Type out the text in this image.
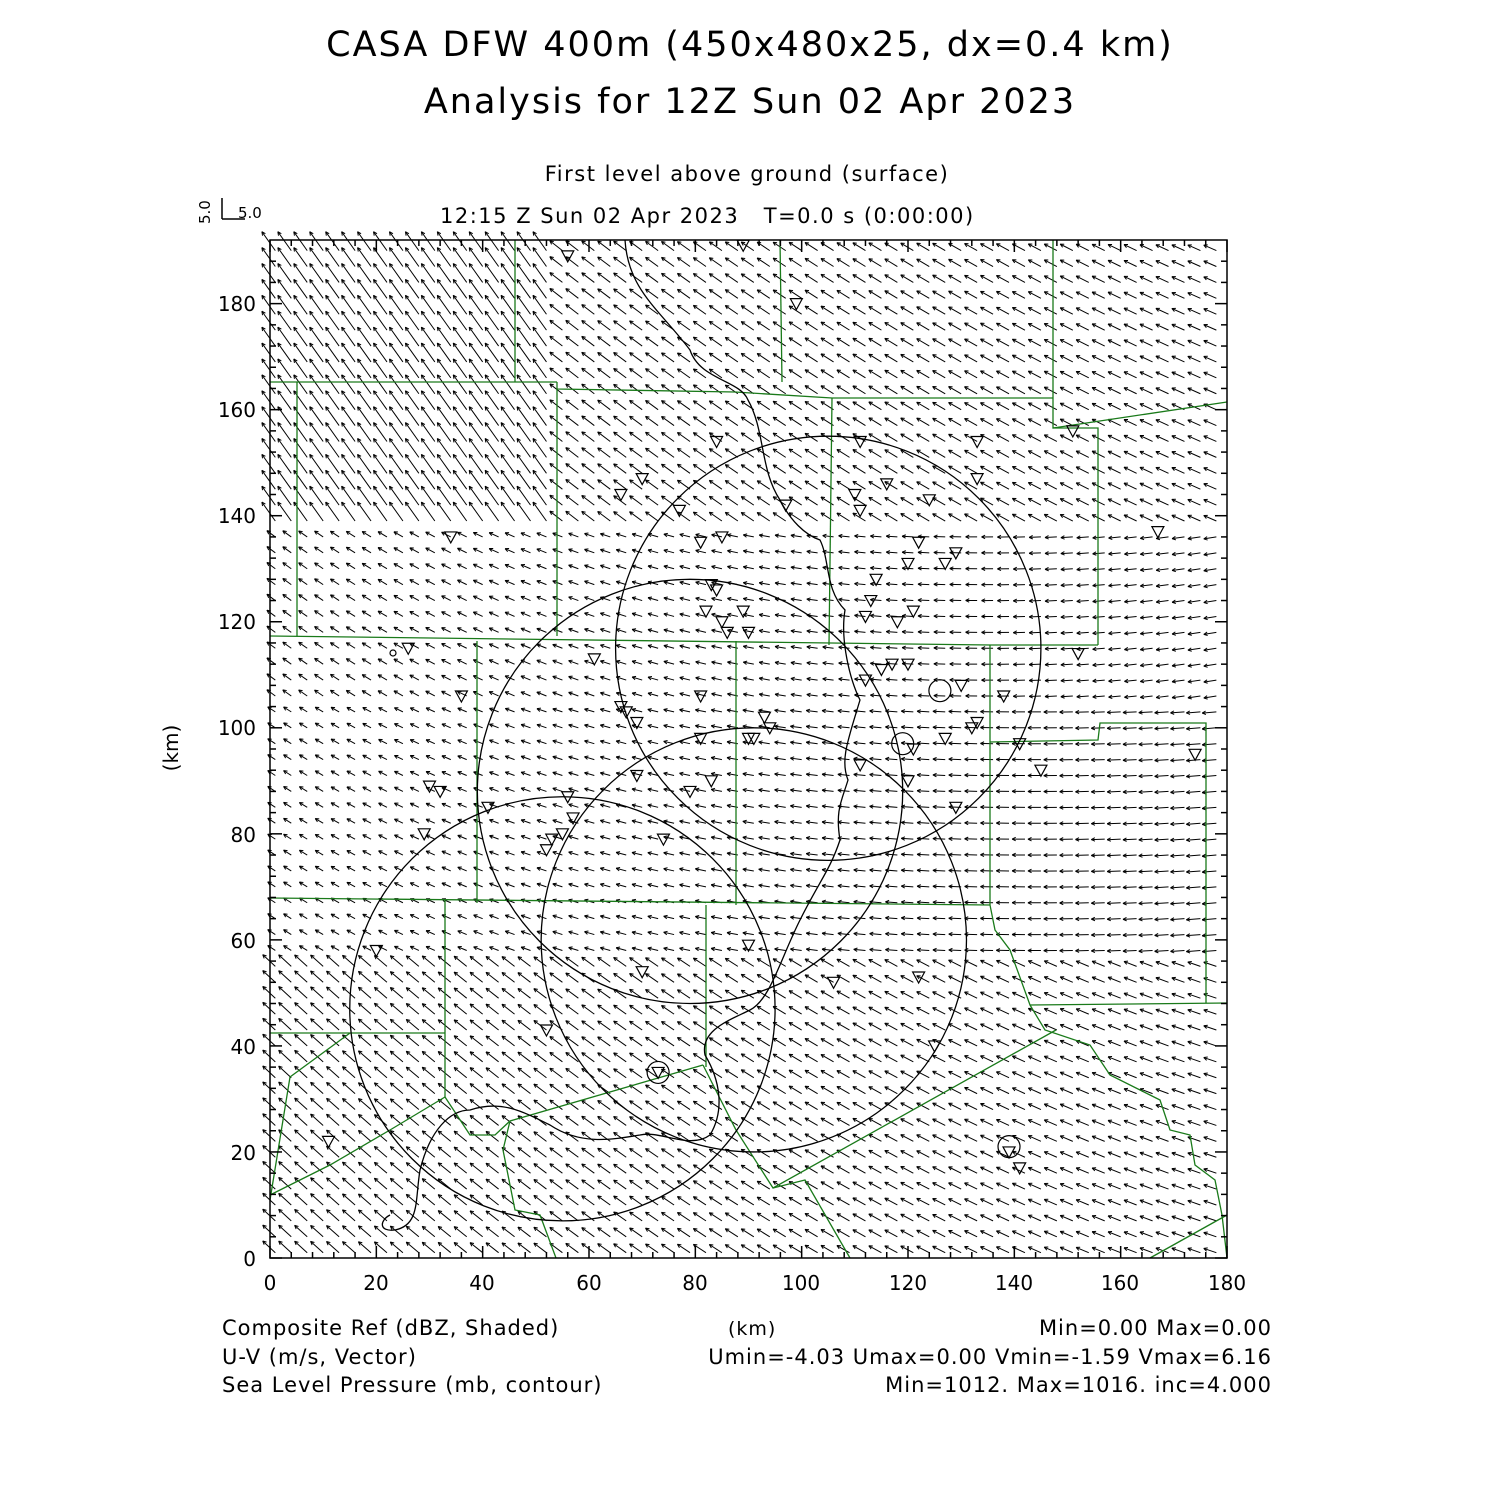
CASA DFW 400m (450x480x25, dx=0.4 km)
Analysis for 12Z Sun 02 Apr 2023
First level above ground (surface)
12:15 Z Sun 02 Apr 2023   T=0.0 s (0:00:00)
5.0
5.0
0	20	40	60	80	100	120	140	160	180
0
20
40
60
80
100
120
140
160
180
(km)
Composite Ref (dBZ, Shaded)	(km)	Min=0.00 Max=0.00
U-V (m/s, Vector)	Umin=-4.03 Umax=0.00 Vmin=-1.59 Vmax=6.16
Sea Level Pressure (mb, contour)	Min=1012. Max=1016. inc=4.000
